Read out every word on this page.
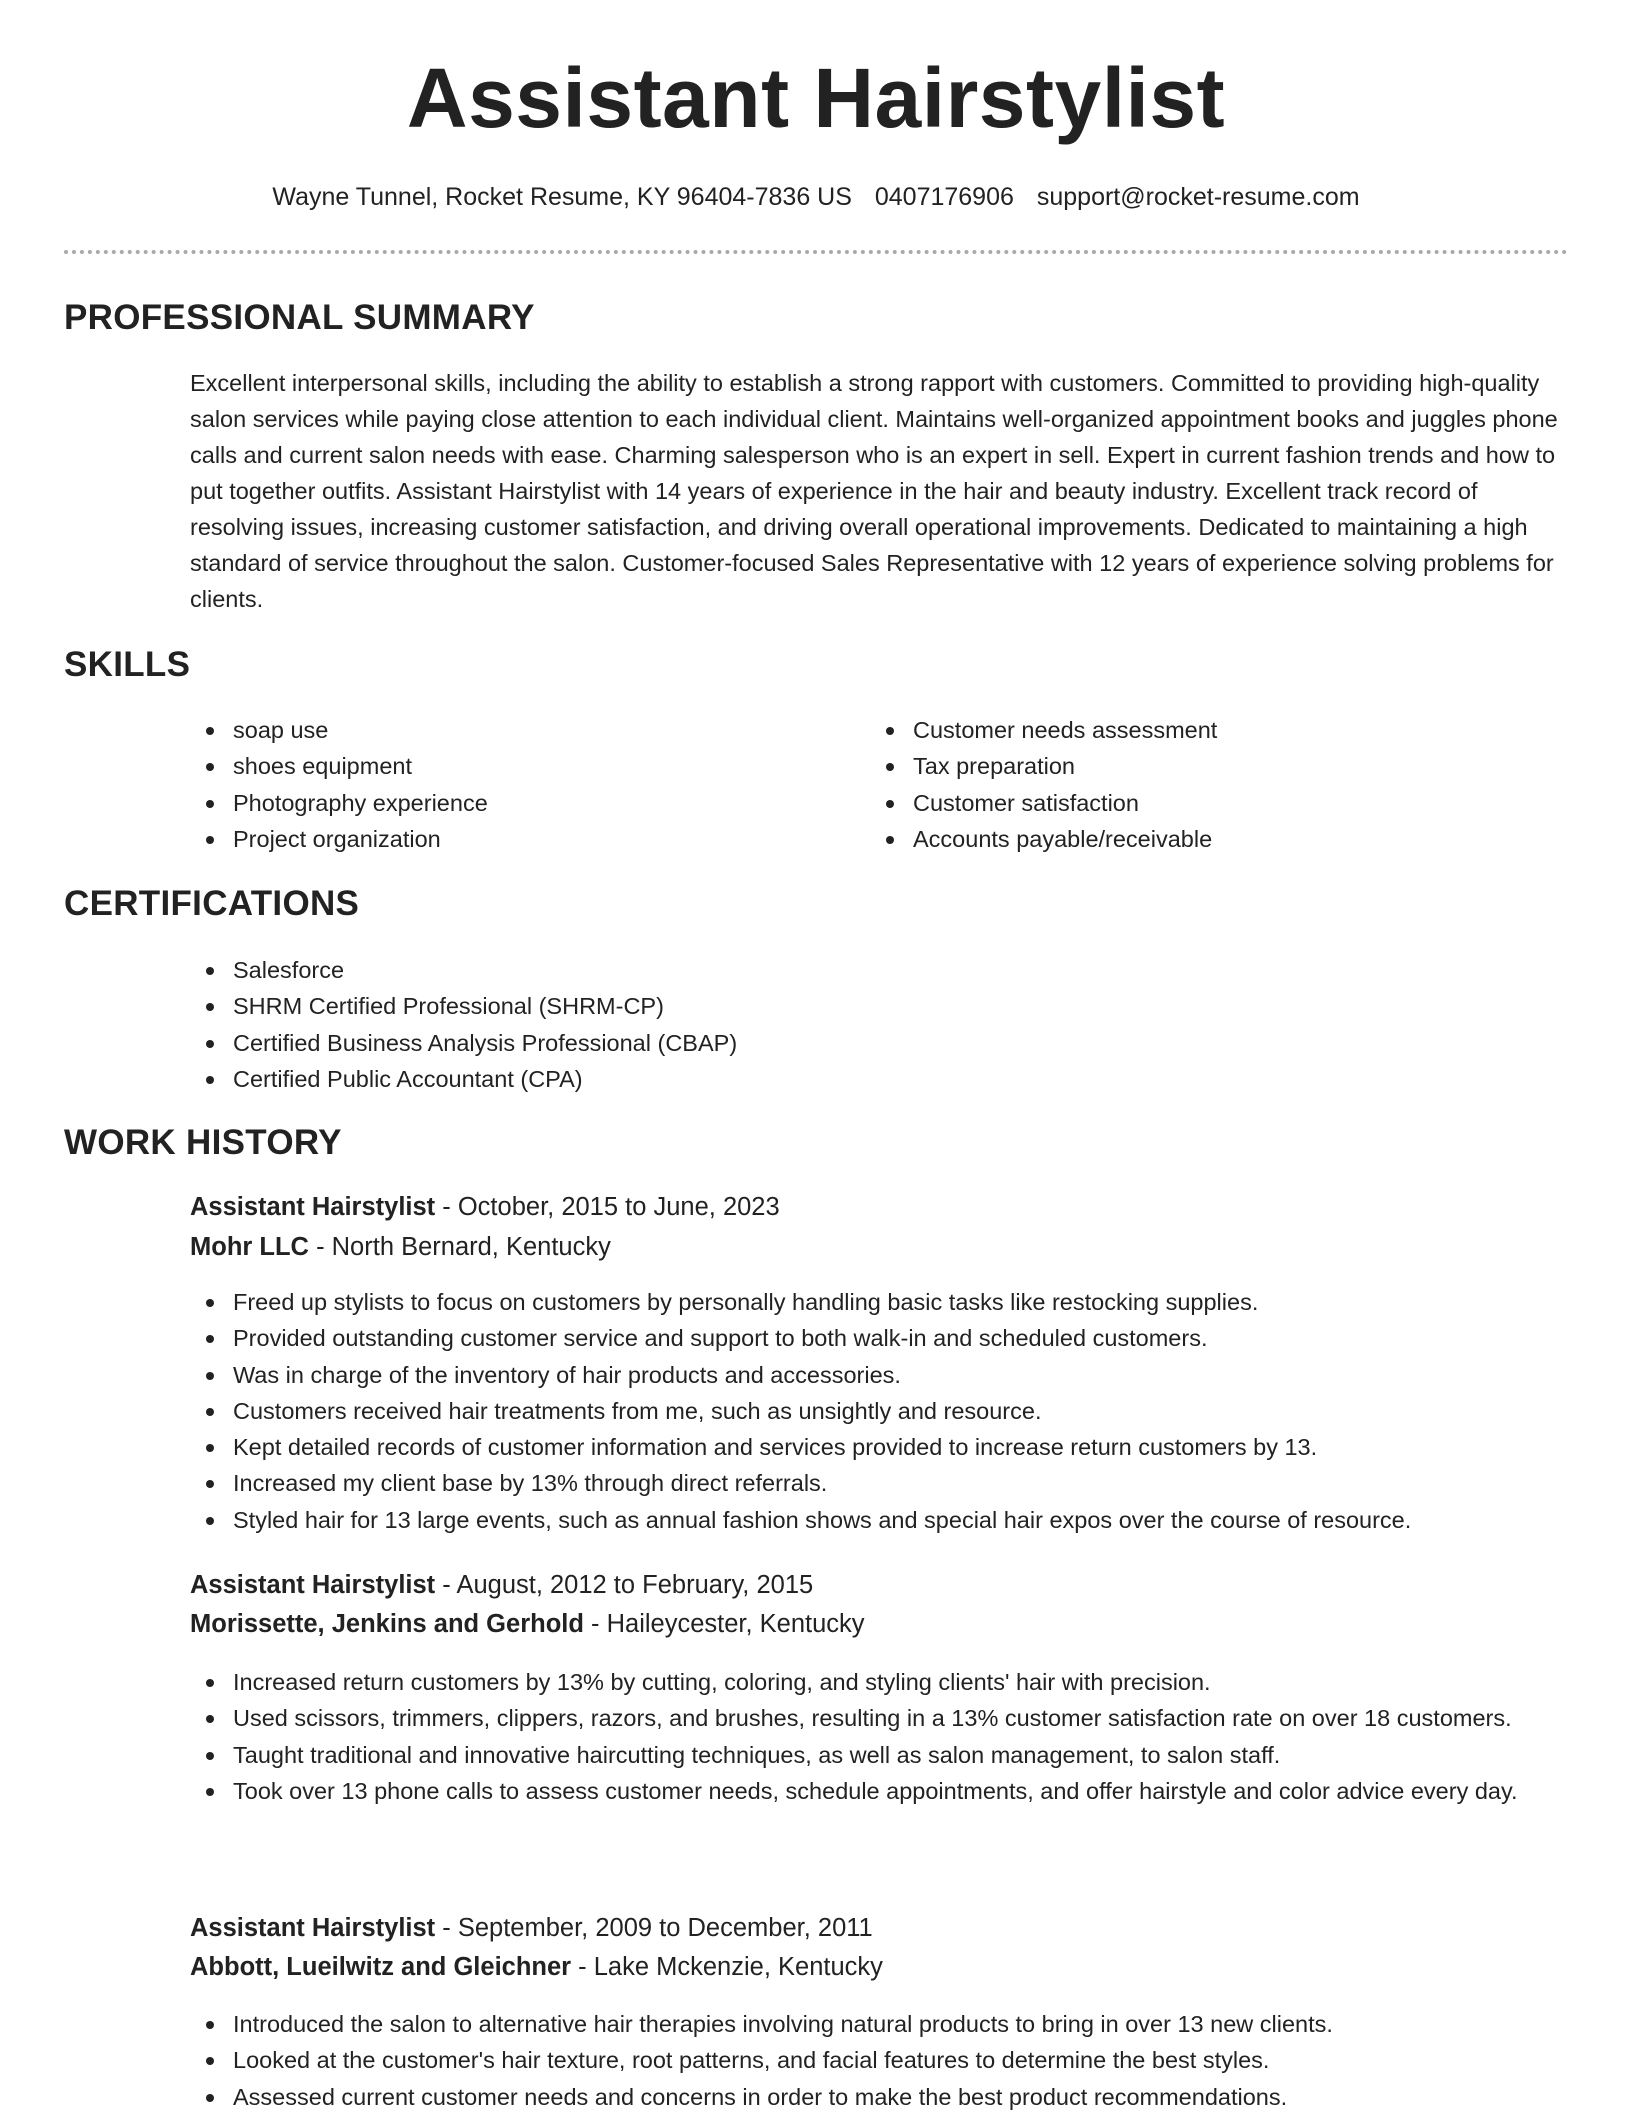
Assistant Hairstylist
Wayne Tunnel, Rocket Resume, KY 96404-7836 US 0407176906 support@rocket-resume.com
PROFESSIONAL SUMMARY
Excellent interpersonal skills, including the ability to establish a strong rapport with customers. Committed to providing high-quality salon services while paying close attention to each individual client. Maintains well-organized appointment books and juggles phone calls and current salon needs with ease. Charming salesperson who is an expert in sell. Expert in current fashion trends and how to put together outfits. Assistant Hairstylist with 14 years of experience in the hair and beauty industry. Excellent track record of resolving issues, increasing customer satisfaction, and driving overall operational improvements. Dedicated to maintaining a high standard of service throughout the salon. Customer-focused Sales Representative with 12 years of experience solving problems for clients.
SKILLS
soap use
shoes equipment
Photography experience
Project organization
Customer needs assessment
Tax preparation
Customer satisfaction
Accounts payable/receivable
CERTIFICATIONS
Salesforce
SHRM Certified Professional (SHRM-CP)
Certified Business Analysis Professional (CBAP)
Certified Public Accountant (CPA)
WORK HISTORY
Assistant Hairstylist - October, 2015 to June, 2023
Mohr LLC - North Bernard, Kentucky
Freed up stylists to focus on customers by personally handling basic tasks like restocking supplies.
Provided outstanding customer service and support to both walk-in and scheduled customers.
Was in charge of the inventory of hair products and accessories.
Customers received hair treatments from me, such as unsightly and resource.
Kept detailed records of customer information and services provided to increase return customers by 13.
Increased my client base by 13% through direct referrals.
Styled hair for 13 large events, such as annual fashion shows and special hair expos over the course of resource.
Assistant Hairstylist - August, 2012 to February, 2015
Morissette, Jenkins and Gerhold - Haileycester, Kentucky
Increased return customers by 13% by cutting, coloring, and styling clients' hair with precision.
Used scissors, trimmers, clippers, razors, and brushes, resulting in a 13% customer satisfaction rate on over 18 customers.
Taught traditional and innovative haircutting techniques, as well as salon management, to salon staff.
Took over 13 phone calls to assess customer needs, schedule appointments, and offer hairstyle and color advice every day.
Assistant Hairstylist - September, 2009 to December, 2011
Abbott, Lueilwitz and Gleichner - Lake Mckenzie, Kentucky
Introduced the salon to alternative hair therapies involving natural products to bring in over 13 new clients.
Looked at the customer's hair texture, root patterns, and facial features to determine the best styles.
Assessed current customer needs and concerns in order to make the best product recommendations.
